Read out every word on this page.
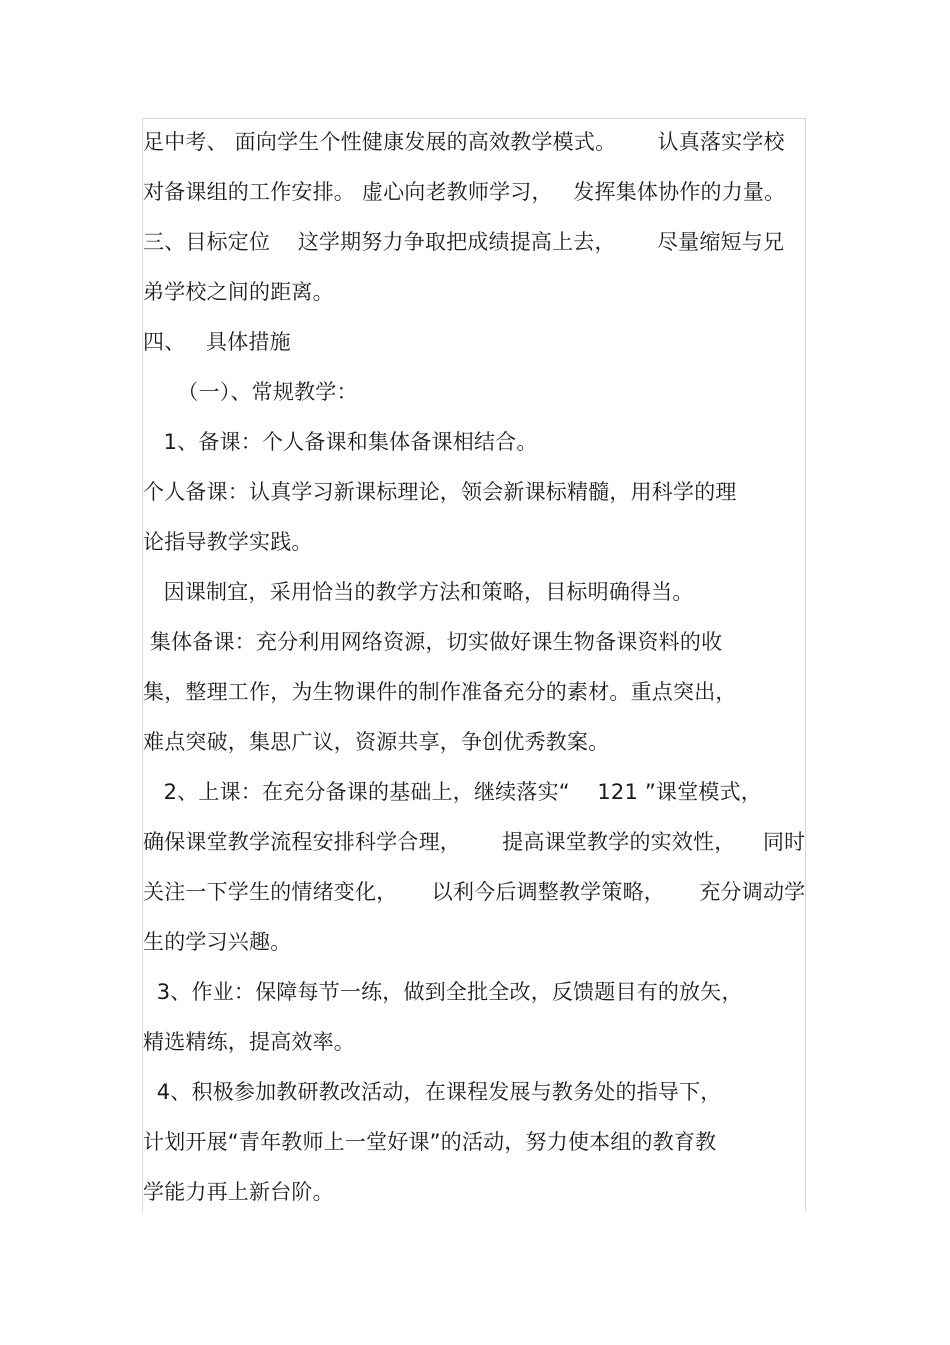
足中考、 面向学生个性健康发展的高效教学模式。      认真落实学校
对备课组的工作安排。 虚心向老教师学习，   发挥集体协作的力量。
三、目标定位    这学期努力争取把成绩提高上去，      尽量缩短与兄
弟学校之间的距离。
四、   具体措施
（一）、常规教学：
1、备课：个人备课和集体备课相结合。
个人备课：认真学习新课标理论，领会新课标精髓，用科学的理
论指导教学实践。
因课制宜，采用恰当的教学方法和策略，目标明确得当。
集体备课：充分利用网络资源，切实做好课生物备课资料的收
集，整理工作，为生物课件的制作准备充分的素材。重点突出，
难点突破，集思广议，资源共享，争创优秀教案。
2、上课：在充分备课的基础上，继续落实“    121 ”课堂模式，
确保课堂教学流程安排科学合理，      提高课堂教学的实效性，    同时
关注一下学生的情绪变化，     以利今后调整教学策略，     充分调动学
生的学习兴趣。
3、作业：保障每节一练，做到全批全改，反馈题目有的放矢，
精选精练，提高效率。
4、积极参加教研教改活动，在课程发展与教务处的指导下，
计划开展“青年教师上一堂好课”的活动，努力使本组的教育教
学能力再上新台阶。
